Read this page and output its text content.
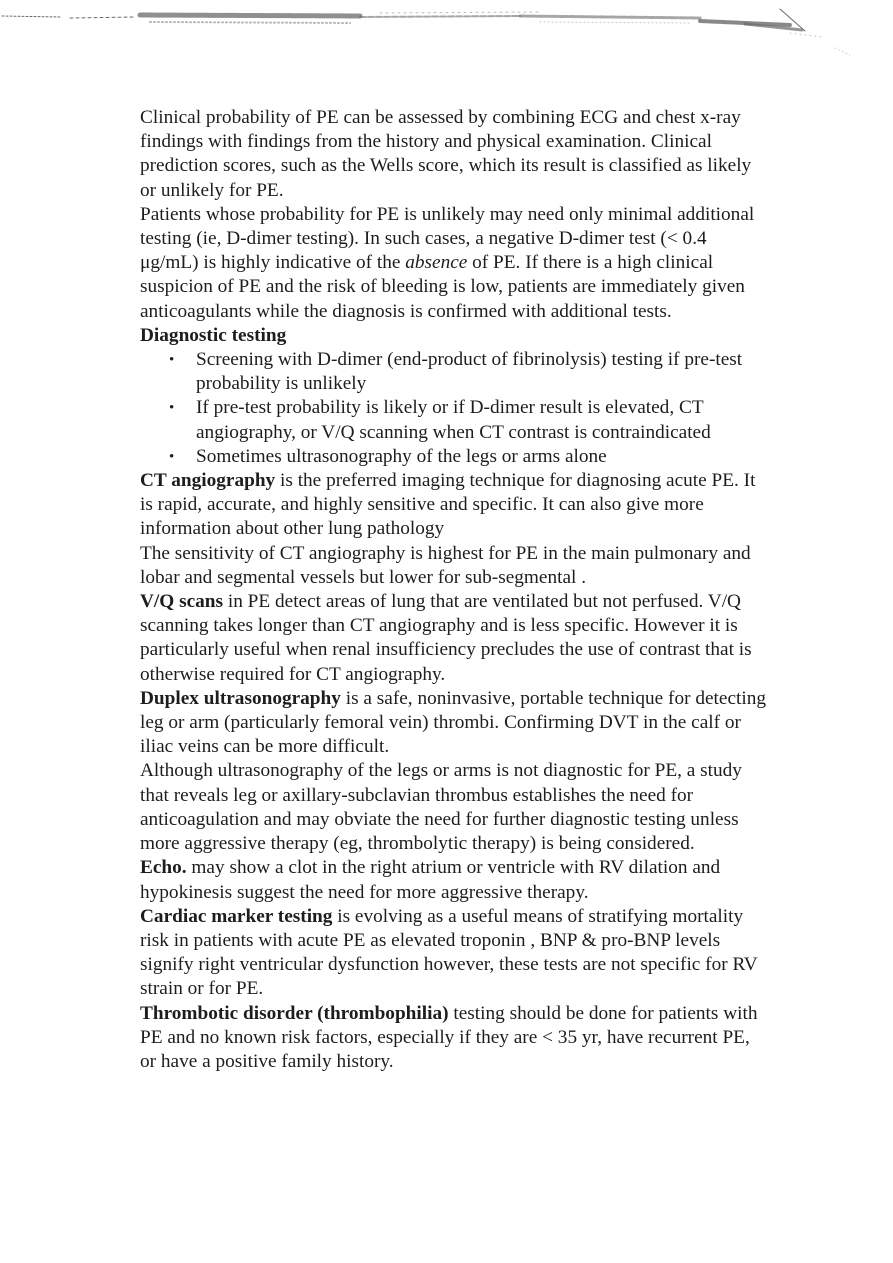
Clinical probability of PE can be assessed by combining ECG and chest x-ray findings with findings from the history and physical examination. Clinical prediction scores, such as the Wells score, which its result is classified as likely or unlikely for PE.

Patients whose probability for PE is unlikely may need only minimal additional testing (ie, D-dimer testing). In such cases, a negative D-dimer test (< 0.4 μg/mL) is highly indicative of the absence of PE. If there is a high clinical suspicion of PE and the risk of bleeding is low, patients are immediately given anticoagulants while the diagnosis is confirmed with additional tests.

Diagnostic testing

• Screening with D-dimer (end-product of fibrinolysis) testing if pre-test probability is unlikely
• If pre-test probability is likely or if D-dimer result is elevated, CT angiography, or V/Q scanning when CT contrast is contraindicated
• Sometimes ultrasonography of the legs or arms alone

CT angiography is the preferred imaging technique for diagnosing acute PE. It is rapid, accurate, and highly sensitive and specific. It can also give more information about other lung pathology

The sensitivity of CT angiography is highest for PE in the main pulmonary and lobar and segmental vessels but lower for sub-segmental .

V/Q scans in PE detect areas of lung that are ventilated but not perfused. V/Q scanning takes longer than CT angiography and is less specific. However it is particularly useful when renal insufficiency precludes the use of contrast that is otherwise required for CT angiography.

Duplex ultrasonography is a safe, noninvasive, portable technique for detecting leg or arm (particularly femoral vein) thrombi. Confirming DVT in the calf or iliac veins can be more difficult.

Although ultrasonography of the legs or arms is not diagnostic for PE, a study that reveals leg or axillary-subclavian thrombus establishes the need for anticoagulation and may obviate the need for further diagnostic testing unless more aggressive therapy (eg, thrombolytic therapy) is being considered.

Echo. may show a clot in the right atrium or ventricle with RV dilation and hypokinesis suggest the need for more aggressive therapy.

Cardiac marker testing is evolving as a useful means of stratifying mortality risk in patients with acute PE as elevated troponin , BNP & pro-BNP levels signify right ventricular dysfunction however, these tests are not specific for RV strain or for PE.

Thrombotic disorder (thrombophilia) testing should be done for patients with PE and no known risk factors, especially if they are < 35 yr, have recurrent PE, or have a positive family history.
